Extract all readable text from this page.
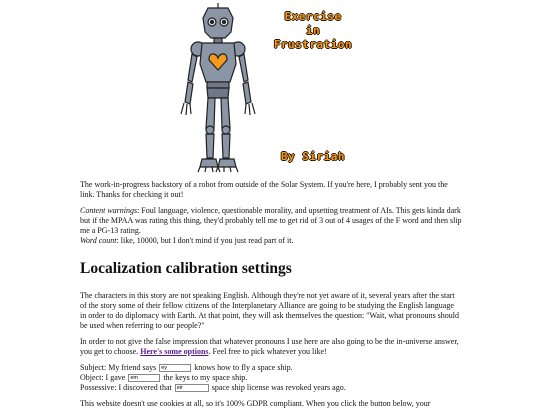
Exercise
in
Frustration
By Siriah

The work-in-progress backstory of a robot from outside of the Solar System. If you're here, I probably sent you the link. Thanks for checking it out!

Content warnings: Foul language, violence, questionable morality, and upsetting treatment of AIs. This gets kinda dark but if the MPAA was rating this thing, they'd probably tell me to get rid of 3 out of 4 usages of the F word and then slip me a PG-13 rating.

Word count: like, 10000, but I don't mind if you just read part of it.

Localization calibration settings

The characters in this story are not speaking English. Although they're not yet aware of it, several years after the start of the story some of their fellow citizens of the Interplanetary Alliance are going to be studying the English language in order to do diplomacy with Earth. At that point, they will ask themselves the question: "Wait, what pronouns should be used when referring to our people?"

In order to not give the false impression that whatever pronouns I use here are also going to be the in-universe answer, you get to choose. Here's some options. Feel free to pick whatever you like!

Subject: My friend says ey	knows how to fly a space ship.

Object: I gave em	the keys to my space ship.

Possessive: I discovered that eir	space ship license was revoked years ago.

This website doesn't use cookies at all, so it's 100% GDPR compliant. When you click the button below, your
